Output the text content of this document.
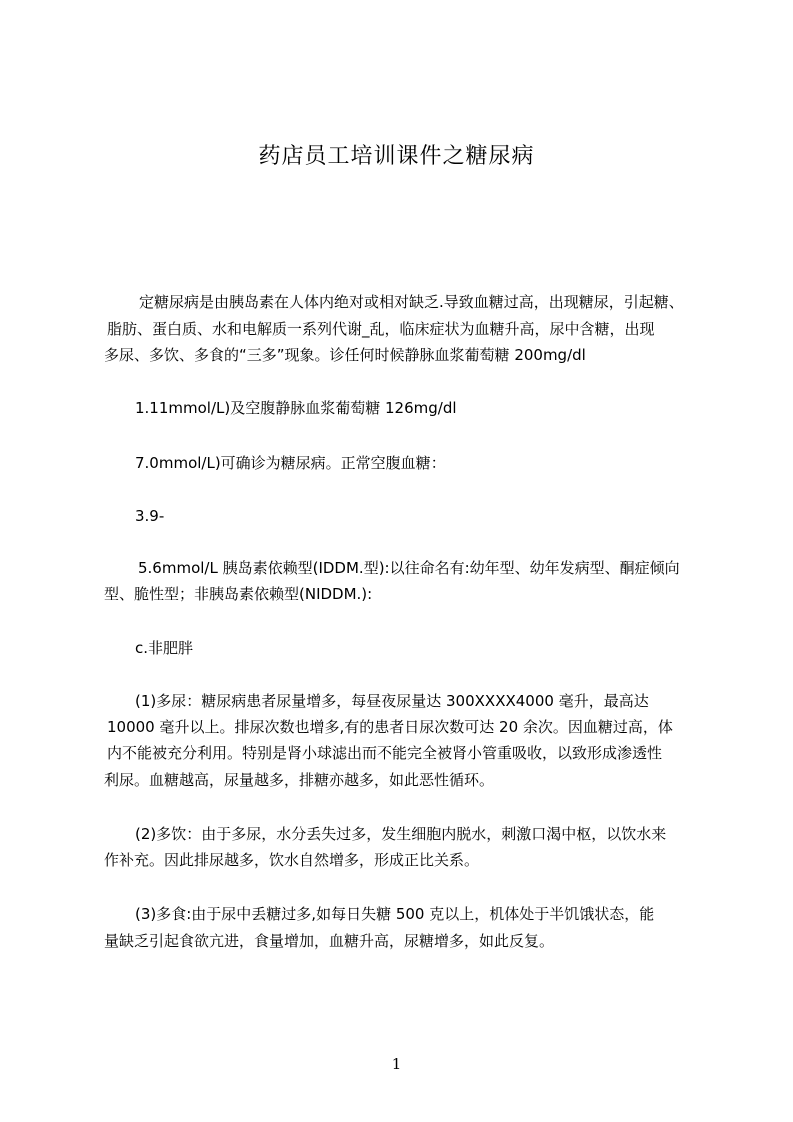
药店员工培训课件之糖尿病
定糖尿病是由胰岛素在人体内绝对或相对缺乏.导致血糖过高，出现糖尿，引起糖、
脂肪、蛋白质、水和电解质一系列代谢_乱，临床症状为血糖升高，尿中含糖，出现
多尿、多饮、多食的“三多”现象。诊任何时候静脉血浆葡萄糖 200mg/dl
1.11mmol/L)及空腹静脉血浆葡萄糖 126mg/dl
7.0mmol/L)可确诊为糖尿病。正常空腹血糖：
3.9-
5.6mmol/L 胰岛素依赖型(IDDM.型):以往命名有:幼年型、幼年发病型、酮症倾向
型、脆性型；非胰岛素依赖型(NIDDM.):
c.非肥胖
(1)多尿：糖尿病患者尿量增多，每昼夜尿量达 300XXXX4000 毫升，最高达
10000 毫升以上。排尿次数也增多,有的患者日尿次数可达 20 余次。因血糖过高，体
内不能被充分利用。特别是肾小球滤出而不能完全被肾小管重吸收，以致形成渗透性
利尿。血糖越高，尿量越多，排糖亦越多，如此恶性循环。
(2)多饮：由于多尿，水分丢失过多，发生细胞内脱水，刺激口渴中枢，以饮水来
作补充。因此排尿越多，饮水自然增多，形成正比关系。
(3)多食:由于尿中丢糖过多,如每日失糖 500 克以上，机体处于半饥饿状态，能
量缺乏引起食欲亢进，食量增加，血糖升高，尿糖增多，如此反复。
1
